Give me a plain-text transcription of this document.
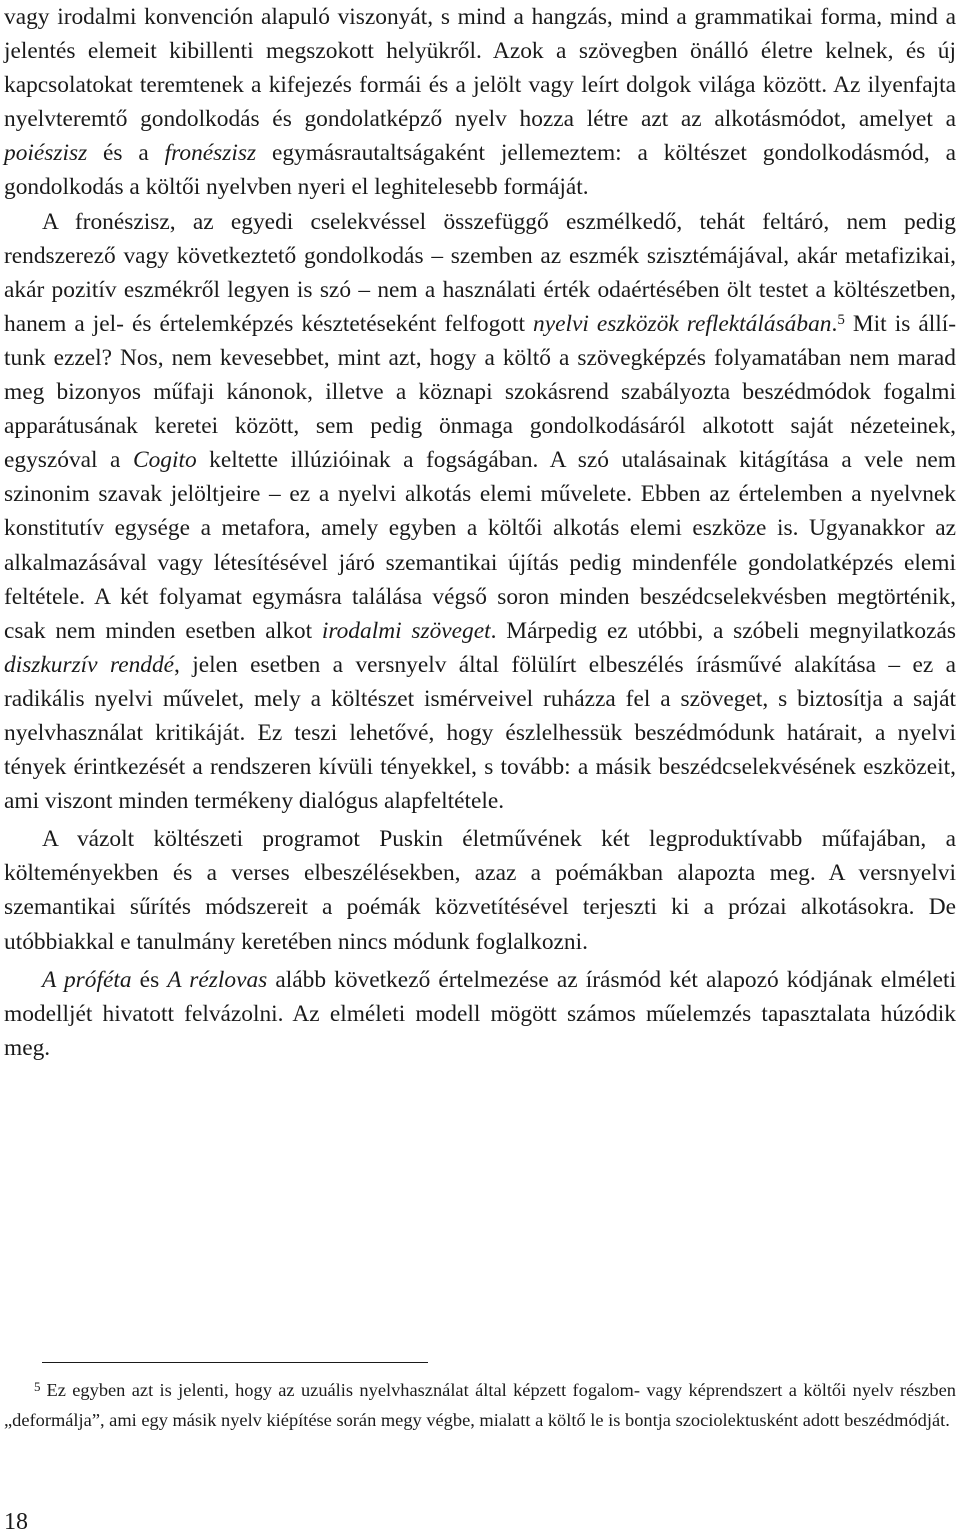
vagy irodalmi konvención alapuló viszonyát, s mind a hangzás, mind a grammatikai forma, mind a jelentés elemeit kibillenti megszokott helyükről. Azok a szövegben önálló életre kelnek, és új kapcsolatokat teremtenek a kifejezés formái és a jelölt vagy leírt dolgok világa között. Az ilyenfajta nyelvteremtő gondolkodás és gondolatképző nyelv hozza létre azt az alkotásmódot, amelyet a poiészisz és a fronészisz egymásrautaltságaként jellemeztem: a költészet gondolkodásmód, a gondolkodás a költői nyelvben nyeri el leghitelesebb formáját.

A fronészisz, az egyedi cselekvéssel összefüggő eszmélkedő, tehát feltáró, nem pedig rendszerező vagy következtető gondolkodás – szemben az eszmék szisztémájával, akár metafizikai, akár pozitív eszmékről legyen is szó – nem a használati érték odaértésében ölt testet a költészetben, hanem a jel- és értelemképzés késztetéseként felfogott nyelvi eszközök reflektálásában.$^5$ Mit is állítunk ezzel? Nos, nem kevesebbet, mint azt, hogy a költő a szövegképzés folyamatában nem marad meg bizonyos műfaji kánonok, illetve a köznapi szokásrend szabályozta beszédmódok fogalmi apparátusának keretei között, sem pedig önmaga gondolkodásáról alkotott saját nézeteinek, egyszóval a Cogito keltette illúzióinak a fogságában. A szó utalásainak kitágítása a vele nem szinonim szavak jelöltjeire – ez a nyelvi alkotás elemi művelete. Ebben az értelemben a nyelvnek konstitutív egysége a metafora, amely egyben a költői alkotás elemi eszköze is. Ugyanakkor az alkalmazásával vagy létesítésével járó szemantikai újítás pedig mindenféle gondolatképzés elemi feltétele. A két folyamat egymásra találása végső soron minden beszédcselekvésben megtörténik, csak nem minden esetben alkot irodalmi szöveget. Márpedig ez utóbbi, a szóbeli megnyilatkozás diszkurzív renddé, jelen esetben a versnyelv által fölülírt elbeszélés írásművé alakítása – ez a radikális nyelvi művelet, mely a költészet ismérveivel ruházza fel a szöveget, s biztosítja a saját nyelvhasználat kritikáját. Ez teszi lehetővé, hogy észlelhessük beszédmódunk határait, a nyelvi tények érintkezését a rendszeren kívüli tényekkel, s tovább: a másik beszédcselekvésének eszközeit, ami viszont minden termékeny dialógus alapfeltétele.

A vázolt költészeti programot Puskin életművének két legproduktívabb műfajában, a költeményekben és a verses elbeszélésekben, azaz a poémákban alapozta meg. A versnyelvi szemantikai sűrítés módszereit a poémák közvetítésével terjeszti ki a prózai alkotásokra. De utóbbiakkal e tanulmány keretében nincs módunk foglalkozni.

A próféta és A rézlovas alább következő értelmezése az írásmód két alapozó kódjának elméleti modelljét hivatott felvázolni. Az elméleti modell mögött számos műelemzés tapasztalata húzódik meg.

$^5$ Ez egyben azt is jelenti, hogy az uzuális nyelvhasználat által képzett fogalom- vagy képrendszert a költői nyelv részben „deformálja”, ami egy másik nyelv kiépítése során megy végbe, mialatt a költő le is bontja szociolektusként adott beszédmódját.

18
